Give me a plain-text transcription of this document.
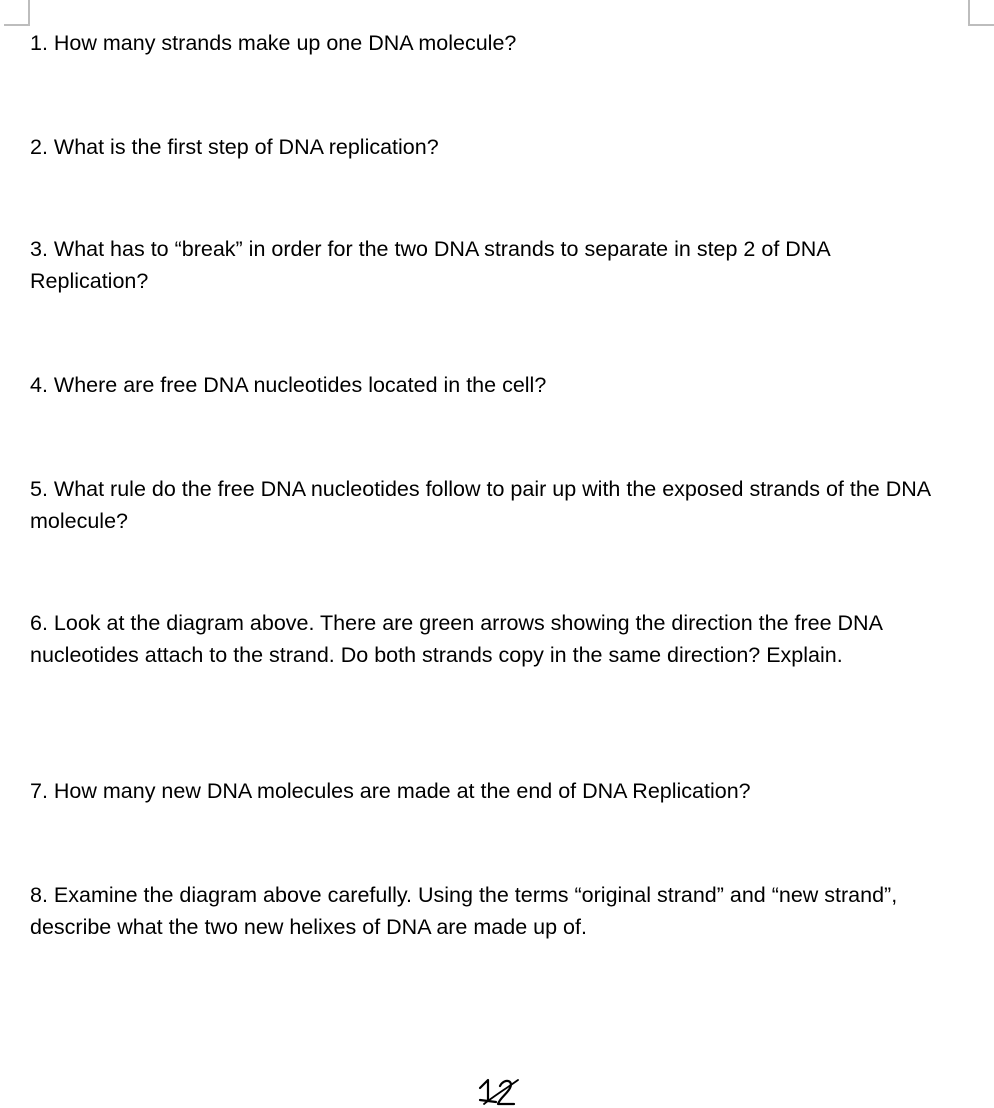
1. How many strands make up one DNA molecule?

2. What is the first step of DNA replication?

3. What has to “break” in order for the two DNA strands to separate in step 2 of DNA Replication?

4. Where are free DNA nucleotides located in the cell?

5. What rule do the free DNA nucleotides follow to pair up with the exposed strands of the DNA molecule?

6. Look at the diagram above. There are green arrows showing the direction the free DNA nucleotides attach to the strand. Do both strands copy in the same direction? Explain.

7. How many new DNA molecules are made at the end of DNA Replication?

8. Examine the diagram above carefully. Using the terms “original strand” and “new strand”, describe what the two new helixes of DNA are made up of.
